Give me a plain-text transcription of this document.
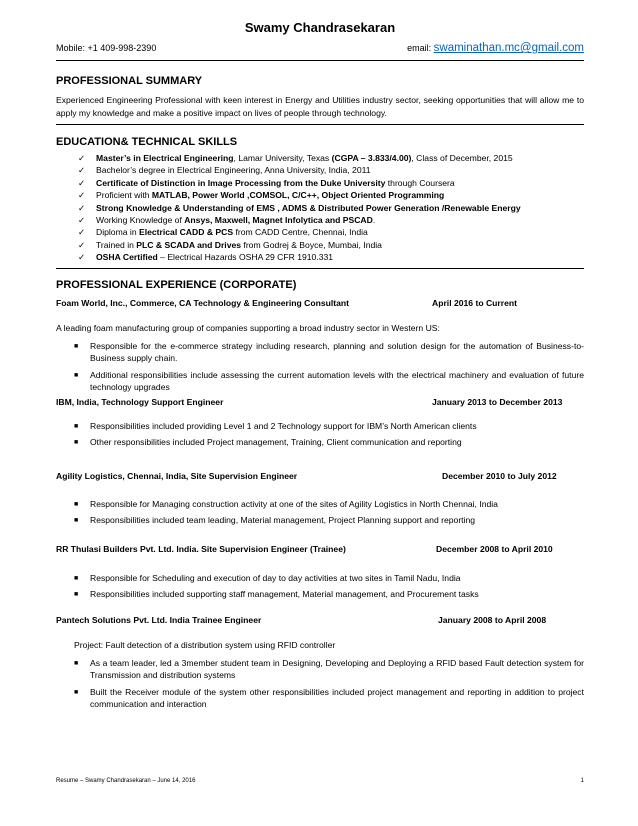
Swamy Chandrasekaran
Mobile: +1 409-998-2390	email: swaminathan.mc@gmail.com
PROFESSIONAL SUMMARY
Experienced Engineering Professional with keen interest in Energy and Utilities industry sector, seeking opportunities that will allow me to apply my knowledge and make a positive impact on lives of people through technology.
EDUCATION& TECHNICAL SKILLS
✓ Master’s in Electrical Engineering, Lamar University, Texas (CGPA – 3.833/4.00), Class of December, 2015
✓ Bachelor’s degree in Electrical Engineering, Anna University, India, 2011
✓ Certificate of Distinction in Image Processing from the Duke University through Coursera
✓ Proficient with MATLAB, Power World ,COMSOL, C/C++, Object Oriented Programming
✓ Strong Knowledge & Understanding of EMS , ADMS & Distributed Power Generation /Renewable Energy
✓ Working Knowledge of Ansys, Maxwell, Magnet Infolytica and PSCAD.
✓ Diploma in Electrical CADD & PCS from CADD Centre, Chennai, India
✓ Trained in PLC & SCADA and Drives from Godrej & Boyce, Mumbai, India
✓ OSHA Certified – Electrical Hazards OSHA 29 CFR 1910.331
PROFESSIONAL EXPERIENCE (CORPORATE)
Foam World, Inc., Commerce, CA Technology & Engineering Consultant	April 2016 to Current
A leading foam manufacturing group of companies supporting a broad industry sector in Western US:
■ Responsible for the e-commerce strategy including research, planning and solution design for the automation of Business-to-Business supply chain.
■ Additional responsibilities include assessing the current automation levels with the electrical machinery and evaluation of future technology upgrades
IBM, India, Technology Support Engineer	January 2013 to December 2013
■ Responsibilities included providing Level 1 and 2 Technology support for IBM’s North American clients
■ Other responsibilities included Project management, Training, Client communication and reporting
Agility Logistics, Chennai, India, Site Supervision Engineer	December 2010 to July 2012
■ Responsible for Managing construction activity at one of the sites of Agility Logistics in North Chennai, India
■ Responsibilities included team leading, Material management, Project Planning support and reporting
RR Thulasi Builders Pvt. Ltd. India. Site Supervision Engineer (Trainee)	December 2008 to April 2010
■ Responsible for Scheduling and execution of day to day activities at two sites in Tamil Nadu, India
■ Responsibilities included supporting staff management, Material management, and Procurement tasks
Pantech Solutions Pvt. Ltd. India Trainee Engineer	January 2008 to April 2008
Project: Fault detection of a distribution system using RFID controller
■ As a team leader, led a 3member student team in Designing, Developing and Deploying a RFID based Fault detection system for Transmission and distribution systems
■ Built the Receiver module of the system other responsibilities included project management and reporting in addition to project communication and interaction
Resume – Swamy Chandrasekaran – June 14, 2016	1
